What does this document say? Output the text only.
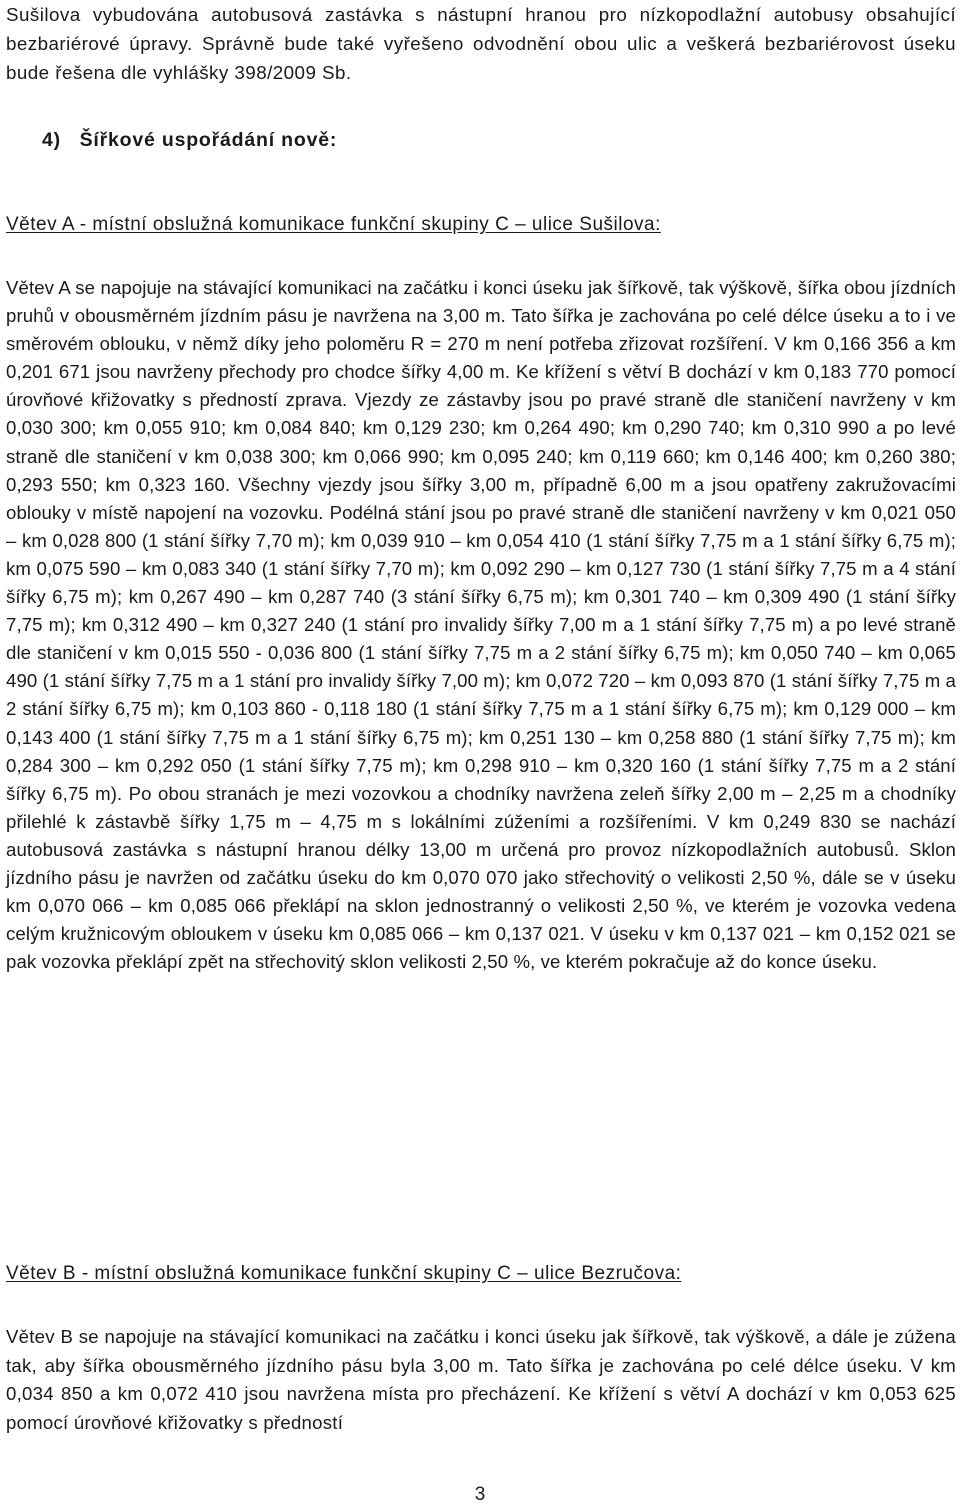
Sušilova vybudována autobusová zastávka s nástupní hranou pro nízkopodlažní autobusy obsahující bezbariérové úpravy. Správně bude také vyřešeno odvodnění obou ulic a veškerá bezbariérovost úseku bude řešena dle vyhlášky 398/2009 Sb.

4)   Šířkové uspořádání nově:
Větev A - místní obslužná komunikace funkční skupiny C – ulice Sušilova:

Větev A se napojuje na stávající komunikaci na začátku i konci úseku jak šířkově, tak výškově, šířka obou jízdních pruhů v obousměrném jízdním pásu je navržena na 3,00 m. Tato šířka je zachována po celé délce úseku a to i ve směrovém oblouku, v němž díky jeho poloměru R = 270 m není potřeba zřizovat rozšíření. V km 0,166 356 a km 0,201 671 jsou navrženy přechody pro chodce šířky 4,00 m. Ke křížení s větví B dochází v km 0,183 770 pomocí úrovňové křižovatky s předností zprava. Vjezdy ze zástavby jsou po pravé straně dle staničení navrženy v km 0,030 300; km 0,055 910; km 0,084 840; km 0,129 230; km 0,264 490; km 0,290 740; km 0,310 990 a po levé straně dle staničení v km 0,038 300; km 0,066 990; km 0,095 240; km 0,119 660; km 0,146 400; km 0,260 380; 0,293 550; km 0,323 160. Všechny vjezdy jsou šířky 3,00 m, případně 6,00 m a jsou opatřeny zakružovacími oblouky v místě napojení na vozovku. Podélná stání jsou po pravé straně dle staničení navrženy v km 0,021 050 – km 0,028 800 (1 stání šířky 7,70 m); km 0,039 910 – km 0,054 410 (1 stání šířky 7,75 m a 1 stání šířky 6,75 m); km 0,075 590 – km 0,083 340 (1 stání šířky 7,70 m); km 0,092 290 – km 0,127 730 (1 stání šířky 7,75 m a 4 stání šířky 6,75 m); km 0,267 490 – km 0,287 740 (3 stání šířky 6,75 m); km 0,301 740 – km 0,309 490 (1 stání šířky 7,75 m); km 0,312 490 – km 0,327 240 (1 stání pro invalidy šířky 7,00 m a 1 stání šířky 7,75 m) a po levé straně dle staničení v km 0,015 550 - 0,036 800 (1 stání šířky 7,75 m a 2 stání šířky 6,75 m); km 0,050 740 – km 0,065 490 (1 stání šířky 7,75 m a 1 stání pro invalidy šířky 7,00 m); km 0,072 720 – km 0,093 870 (1 stání šířky 7,75 m a 2 stání šířky 6,75 m); km 0,103 860 - 0,118 180 (1 stání šířky 7,75 m a 1 stání šířky 6,75 m); km 0,129 000 – km 0,143 400 (1 stání šířky 7,75 m a 1 stání šířky 6,75 m); km 0,251 130 – km 0,258 880 (1 stání šířky 7,75 m); km 0,284 300 – km 0,292 050 (1 stání šířky 7,75 m); km 0,298 910 – km 0,320 160 (1 stání šířky 7,75 m a 2 stání šířky 6,75 m). Po obou stranách je mezi vozovkou a chodníky navržena zeleň šířky 2,00 m – 2,25 m a chodníky přilehlé k zástavbě šířky 1,75 m – 4,75 m s lokálními zúženími a rozšířeními. V km 0,249 830 se nachází autobusová zastávka s nástupní hranou délky 13,00 m určená pro provoz nízkopodlažních autobusů. Sklon jízdního pásu je navržen od začátku úseku do km 0,070 070 jako střechovitý o velikosti 2,50 %, dále se v úseku km 0,070 066 – km 0,085 066 překlápí na sklon jednostranný o velikosti 2,50 %, ve kterém je vozovka vedena celým kružnicovým obloukem v úseku km 0,085 066 – km 0,137 021. V úseku v km 0,137 021 – km 0,152 021 se pak vozovka překlápí zpět na střechovitý sklon velikosti 2,50 %, ve kterém pokračuje až do konce úseku.

Větev B - místní obslužná komunikace funkční skupiny C – ulice Bezručova:

Větev B se napojuje na stávající komunikaci na začátku i konci úseku jak šířkově, tak výškově, a dále je zúžena tak, aby šířka obousměrného jízdního pásu byla 3,00 m. Tato šířka je zachována po celé délce úseku. V km 0,034 850 a km 0,072 410 jsou navržena místa pro přecházení. Ke křížení s větví A dochází v km 0,053 625 pomocí úrovňové křižovatky s předností

3
